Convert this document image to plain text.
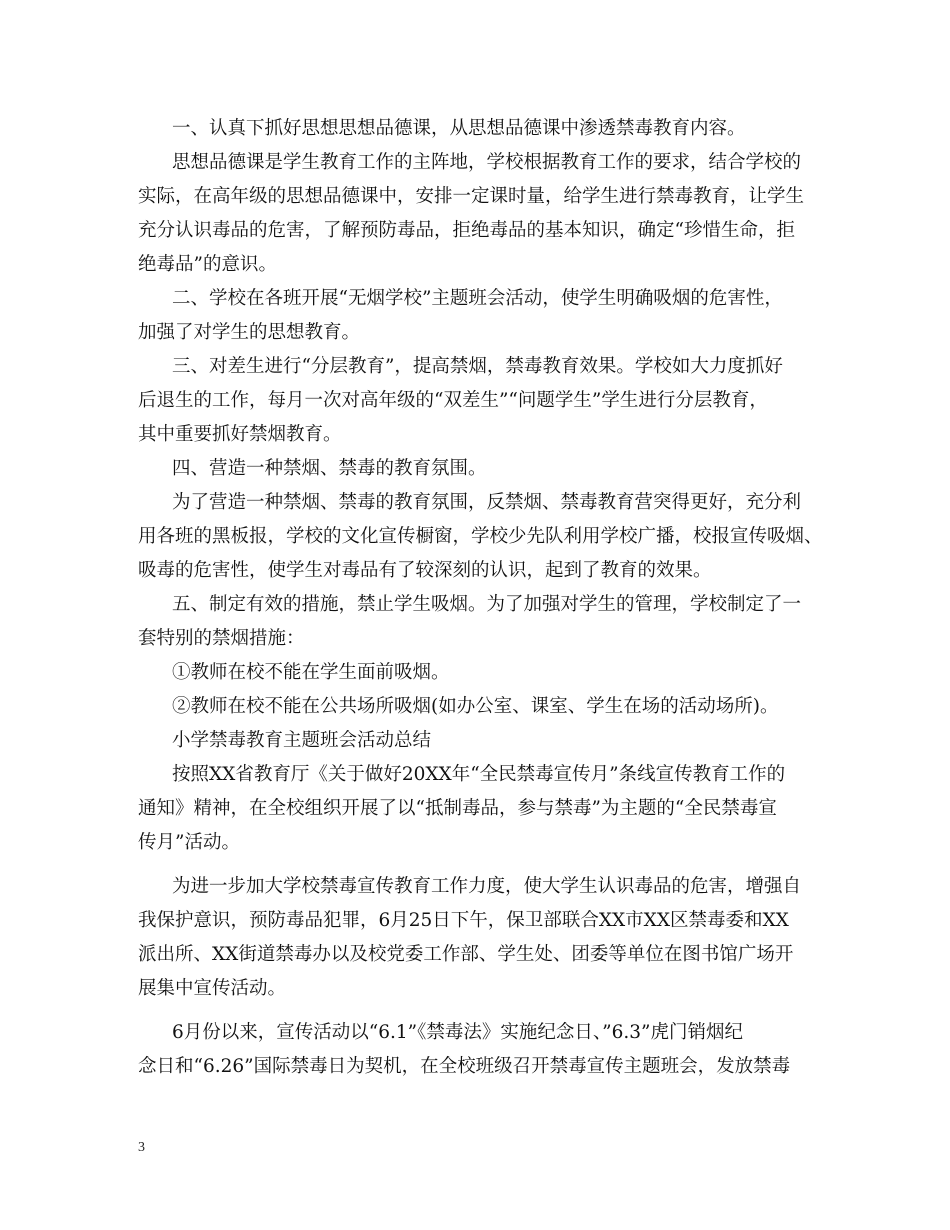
一、认真下抓好思想思想品德课，从思想品德课中渗透禁毒教育内容。
思想品德课是学生教育工作的主阵地，学校根据教育工作的要求，结合学校的
实际，在高年级的思想品德课中，安排一定课时量，给学生进行禁毒教育，让学生
充分认识毒品的危害，了解预防毒品，拒绝毒品的基本知识，确定“珍惜生命，拒
绝毒品”的意识。
二、学校在各班开展“无烟学校”主题班会活动，使学生明确吸烟的危害性，
加强了对学生的思想教育。
三、对差生进行“分层教育”，提高禁烟，禁毒教育效果。学校如大力度抓好
后退生的工作，每月一次对高年级的“双差生”“问题学生”学生进行分层教育，
其中重要抓好禁烟教育。
四、营造一种禁烟、禁毒的教育氛围。
为了营造一种禁烟、禁毒的教育氛围，反禁烟、禁毒教育营突得更好，充分利
用各班的黑板报，学校的文化宣传橱窗，学校少先队利用学校广播，校报宣传吸烟、
吸毒的危害性，使学生对毒品有了较深刻的认识，起到了教育的效果。
五、制定有效的措施，禁止学生吸烟。为了加强对学生的管理，学校制定了一
套特别的禁烟措施：
①教师在校不能在学生面前吸烟。
②教师在校不能在公共场所吸烟(如办公室、课室、学生在场的活动场所)。
小学禁毒教育主题班会活动总结
按照XX省教育厅《关于做好20XX年“全民禁毒宣传月”条线宣传教育工作的
通知》精神，在全校组织开展了以“抵制毒品，参与禁毒”为主题的“全民禁毒宣
传月”活动。
为进一步加大学校禁毒宣传教育工作力度，使大学生认识毒品的危害，增强自
我保护意识，预防毒品犯罪，6月25日下午，保卫部联合XX市XX区禁毒委和XX
派出所、XX街道禁毒办以及校党委工作部、学生处、团委等单位在图书馆广场开
展集中宣传活动。
6月份以来，宣传活动以“6.1”《禁毒法》实施纪念日、”6.3”虎门销烟纪
念日和“6.26”国际禁毒日为契机，在全校班级召开禁毒宣传主题班会，发放禁毒
3
